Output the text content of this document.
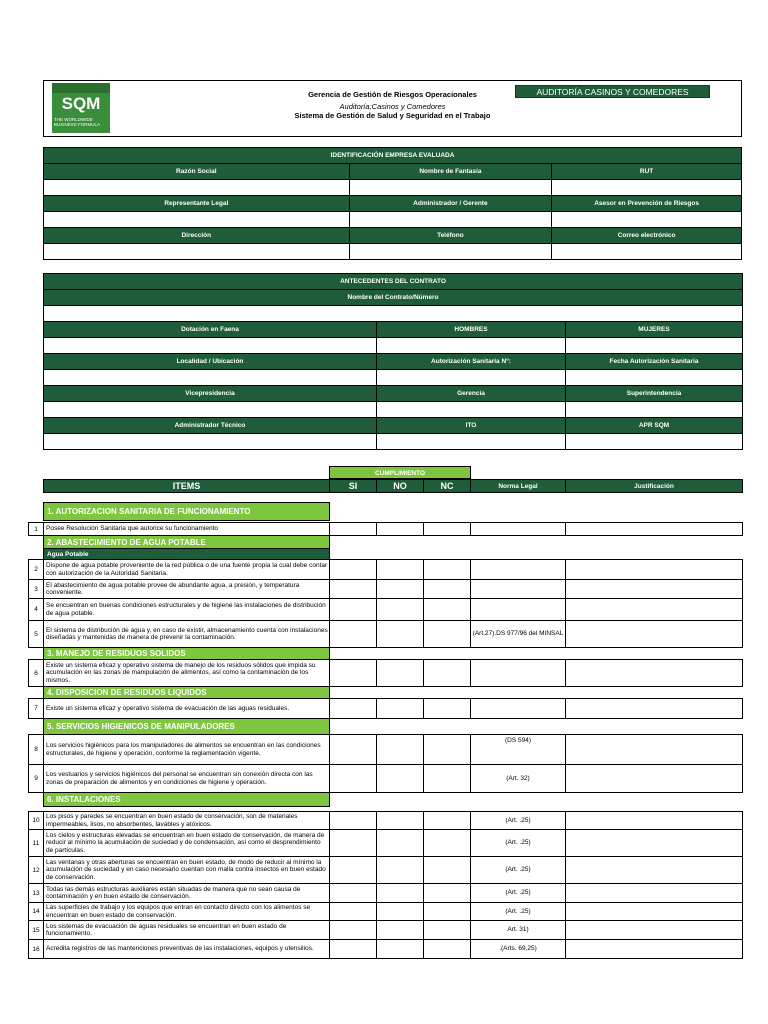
SQM
THE WORLDWIDE BUSINESS FORMULA
Gerencia de Gestión de Riesgos Operacionales
Auditoría:Casinos y Comedores
Sistema de Gestión de Salud y Seguridad en el Trabajo
AUDITORÍA CASINOS Y COMEDORES
IDENTIFICACIÓN EMPRESA EVALUADA		
Razón Social	Nombre de Fantasía	RUT

Representante Legal	Administrador / Gerente	Asesor en Prevención de Riesgos

Dirección	Teléfono	Correo electrónico

ANTECEDENTES DEL CONTRATO		
Nombre del Contrato/Número		

Dotación en Faena	HOMBRES	MUJERES

Localidad / Ubicación	Autorización Sanitaria N°:	Fecha Autorización Sanitaria

Vicepresidencia	Gerencia	Superintendencia

Administrador Técnico	ITO	APR SQM

CUMPLIMIENTO
ITEMS	SI	NO	NC	Norma Legal	Justificación
	1. AUTORIZACION SANITARIA DE FUNCIONAMIENTO					

1	Posee Resolución Sanitaria que autorice su funcionamiento					
	2. ABASTECIMIENTO DE AGUA POTABLE					
	Agua Potable					
2	Dispone de agua potable proveniente de la red pública o de una fuente propia la cual debe contar con autorización de la Autoridad Sanitaria.					
3	El abastecimiento de agua potable provee de abundante agua, a presión, y temperatura conveniente.					
4	Se encuentran en buenas condiciones estructurales y de higiene las instalaciones de distribución de agua potable.					
5	El sistema de distribución de agua y, en caso de existir, almacenamiento cuenta con instalaciones diseñadas y mantenidas de manera de prevenir la contaminación.				(Art.27).DS 977/96 del MINSAL	
	3. MANEJO DE RESIDUOS SOLIDOS					
6	Existe un sistema eficaz y operativo sistema de manejo de los residuos sólidos que impida su acumulación en las zonas de manipulación de alimentos, así como la contaminación de los mismos.					
	4. DISPOSICION DE RESIDUOS LIQUIDOS					
7	Existe un sistema eficaz y operativo sistema de evacuación de las aguas residuales.					
	5. SERVICIOS HIGIENICOS DE MANIPULADORES					
8	Los servicios higiénicos para los manipuladores de alimentos se encuentran en las condiciones estructurales, de higiene y operación, conforme la reglamentación vigente.				(DS 594)	
9	Los vestuarios y servicios higiénicos del personal se encuentran sin conexión directa con las zonas de preparación de alimentos y en condiciones de higiene y operación.				(Art. 32)	
	6. INSTALACIONES					

10	Los pisos y paredes se encuentran en buen estado de conservación, son de materiales impermeables, lisos, no absorbentes, lavables y atóxicos.				(Art. .25)	
11	Los cielos y estructuras elevadas se encuentran en buen estado de conservación, de manera de reducir al mínimo la acumulación de suciedad y de condensación, así como el desprendimiento de partículas.				(Art. .25)	
12	Las ventanas y otras aberturas se encuentran en buen estado, de modo de reducir al mínimo la acumulación de suciedad y en caso necesario cuentan con malla contra insectos en buen estado de conservación.				(Art. .25)	
13	Todas las demás estructuras auxiliares están situadas de manera que no sean causa de contaminación y en buen estado de conservación.				(Art. .25)	
14	Las superficies de trabajo y los equipos que entran en contacto directo con los alimentos se encuentran en buen estado de conservación.				(Art. .25)	
15	Los sistemas de evacuación de aguas residuales se encuentran en buen estado de funcionamiento. ·				Art. 31)	
16	Acredita registros de las mantenciones preventivas de las instalaciones, equipos y utensilios.				.(Arts. 69,25)	
